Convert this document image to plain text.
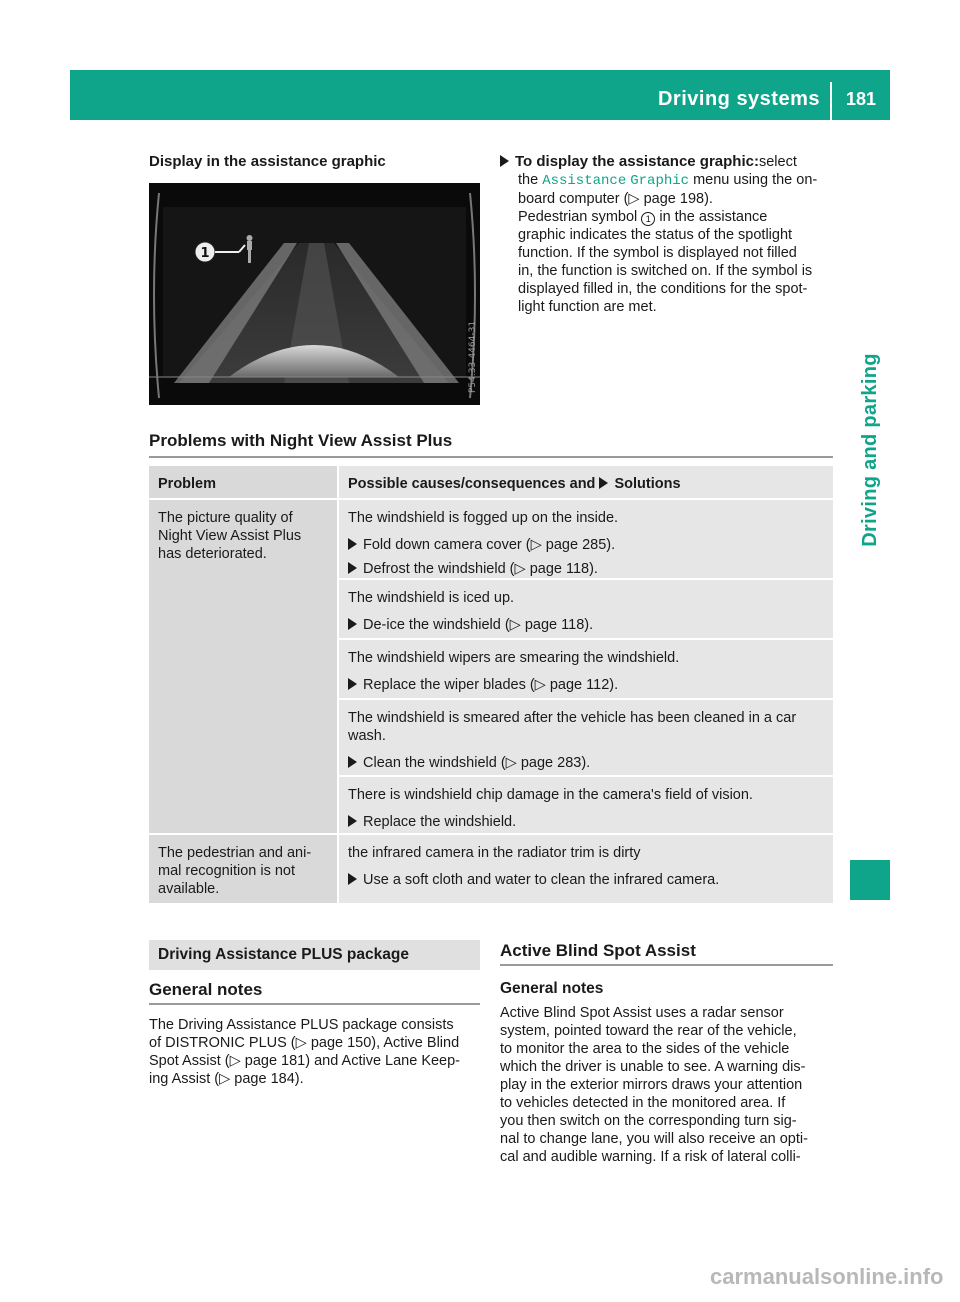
Driving systems	181
Driving and parking
Display in the assistance graphic
1
P54.33-4464-31

To display the assistance graphic:select

the Assistance Graphic menu using the on-

board computer (▷ page 198).

Pedestrian symbol 1 in the assistance

graphic indicates the status of the spotlight

function. If the symbol is displayed not filled

in, the function is switched on. If the symbol is

displayed filled in, the conditions for the spot-

light function are met.

Problems with Night View Assist Plus
Problem	Possible causes/consequences and Solutions

The picture quality of

Night View Assist Plus

has deteriorated.

The windshield is fogged up on the inside.

Fold down camera cover (▷ page 285).

Defrost the windshield (▷ page 118).

The windshield is iced up.

De-ice the windshield (▷ page 118).

The windshield wipers are smearing the windshield.

Replace the wiper blades (▷ page 112).

The windshield is smeared after the vehicle has been cleaned in a car

wash.

Clean the windshield (▷ page 283).

There is windshield chip damage in the camera's field of vision.

Replace the windshield.

The pedestrian and ani-

mal recognition is not

available.

the infrared camera in the radiator trim is dirty

Use a soft cloth and water to clean the infrared camera.

Driving Assistance PLUS package
General notes

The Driving Assistance PLUS package consists

of DISTRONIC PLUS (▷ page 150), Active Blind

Spot Assist (▷ page 181) and Active Lane Keep-

ing Assist (▷ page 184).

Active Blind Spot Assist
General notes

Active Blind Spot Assist uses a radar sensor

system, pointed toward the rear of the vehicle,

to monitor the area to the sides of the vehicle

which the driver is unable to see. A warning dis-

play in the exterior mirrors draws your attention

to vehicles detected in the monitored area. If

you then switch on the corresponding turn sig-

nal to change lane, you will also receive an opti-

cal and audible warning. If a risk of lateral colli-

carmanualsonline.info
